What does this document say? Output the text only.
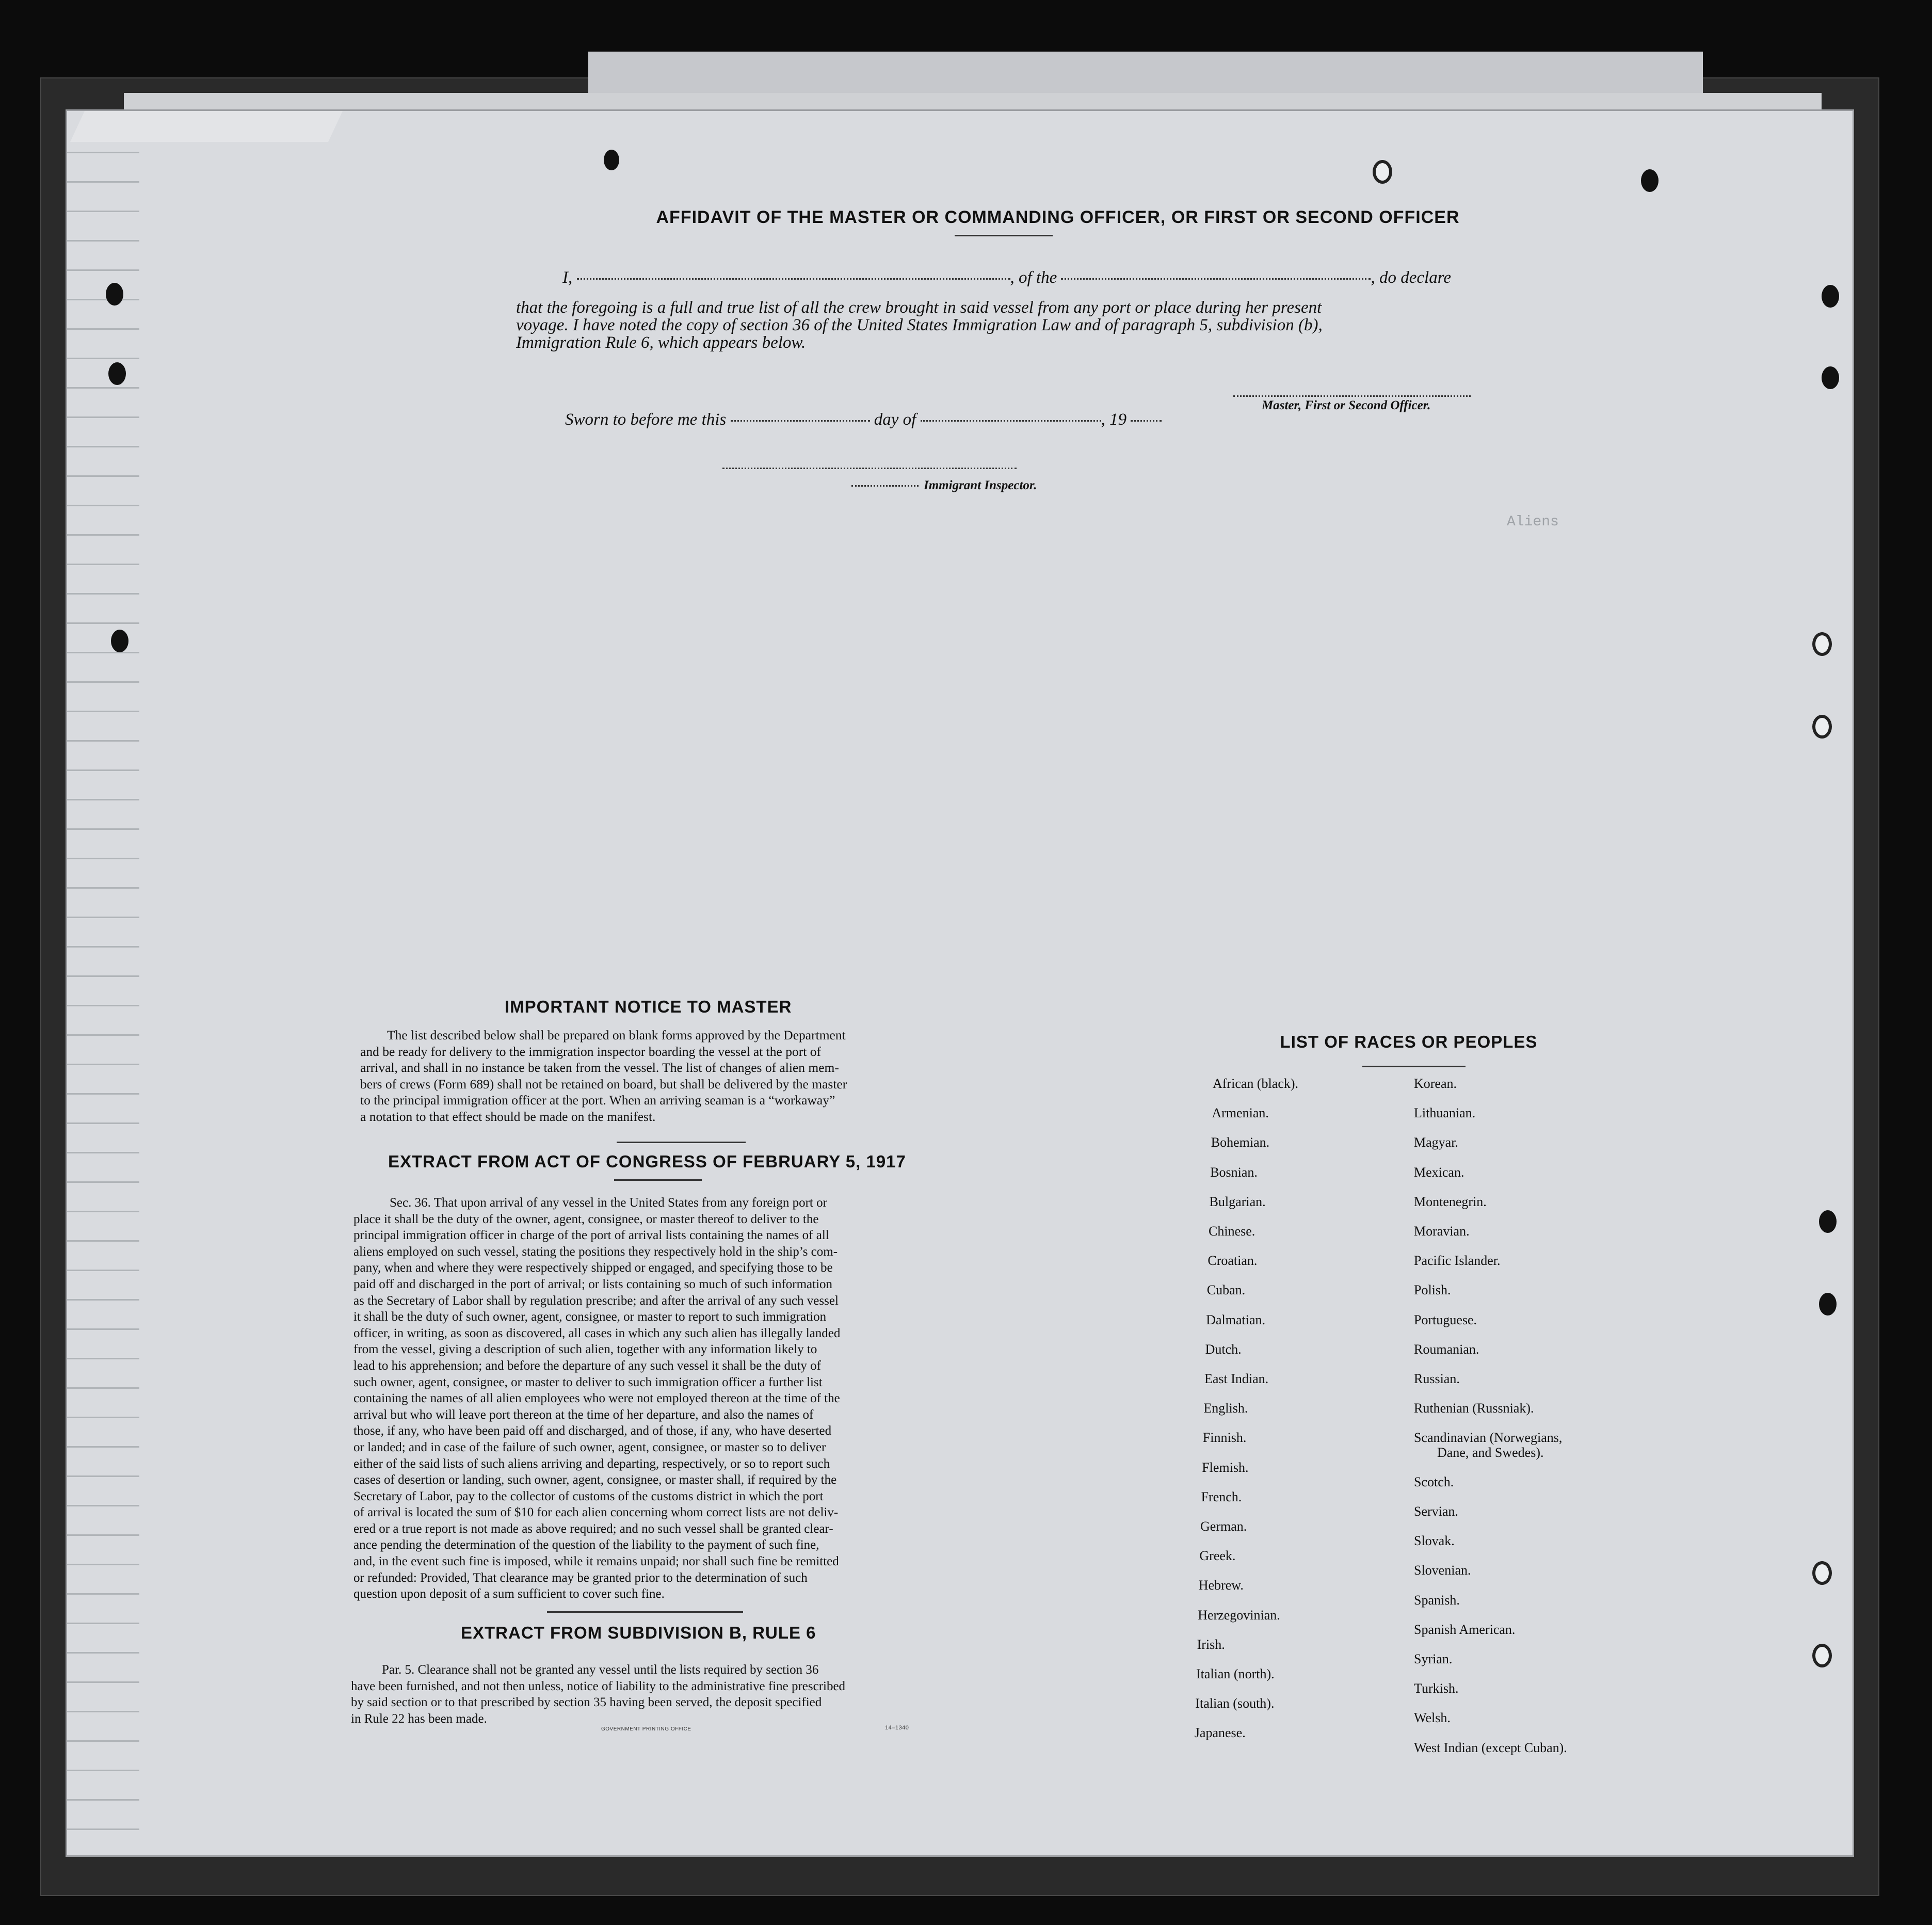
AFFIDAVIT OF THE MASTER OR COMMANDING OFFICER, OR FIRST OR SECOND OFFICER
I,	, of the	, do declare
that the foregoing is a full and true list of all the crew brought in said vessel from any port or place during her present
voyage. I have noted the copy of section 36 of the United States Immigration Law and of paragraph 5, subdivision (b),
Immigration Rule 6, which appears below.
Master, First or Second Officer.
Sworn to before me this	day of	, 19
Immigrant Inspector.
Aliens
IMPORTANT NOTICE TO MASTER
The list described below shall be prepared on blank forms approved by the Department
and be ready for delivery to the immigration inspector boarding the vessel at the port of
arrival, and shall in no instance be taken from the vessel. The list of changes of alien mem-
bers of crews (Form 689) shall not be retained on board, but shall be delivered by the master
to the principal immigration officer at the port. When an arriving seaman is a “workaway”
a notation to that effect should be made on the manifest.
EXTRACT FROM ACT OF CONGRESS OF FEBRUARY 5, 1917
Sec. 36. That upon arrival of any vessel in the United States from any foreign port or
place it shall be the duty of the owner, agent, consignee, or master thereof to deliver to the
principal immigration officer in charge of the port of arrival lists containing the names of all
aliens employed on such vessel, stating the positions they respectively hold in the ship’s com-
pany, when and where they were respectively shipped or engaged, and specifying those to be
paid off and discharged in the port of arrival; or lists containing so much of such information
as the Secretary of Labor shall by regulation prescribe; and after the arrival of any such vessel
it shall be the duty of such owner, agent, consignee, or master to report to such immigration
officer, in writing, as soon as discovered, all cases in which any such alien has illegally landed
from the vessel, giving a description of such alien, together with any information likely to
lead to his apprehension; and before the departure of any such vessel it shall be the duty of
such owner, agent, consignee, or master to deliver to such immigration officer a further list
containing the names of all alien employees who were not employed thereon at the time of the
arrival but who will leave port thereon at the time of her departure, and also the names of
those, if any, who have been paid off and discharged, and of those, if any, who have deserted
or landed; and in case of the failure of such owner, agent, consignee, or master so to deliver
either of the said lists of such aliens arriving and departing, respectively, or so to report such
cases of desertion or landing, such owner, agent, consignee, or master shall, if required by the
Secretary of Labor, pay to the collector of customs of the customs district in which the port
of arrival is located the sum of $10 for each alien concerning whom correct lists are not deliv-
ered or a true report is not made as above required; and no such vessel shall be granted clear-
ance pending the determination of the question of the liability to the payment of such fine,
and, in the event such fine is imposed, while it remains unpaid; nor shall such fine be remitted
or refunded: Provided, That clearance may be granted prior to the determination of such
question upon deposit of a sum sufficient to cover such fine.
EXTRACT FROM SUBDIVISION B, RULE 6
Par. 5. Clearance shall not be granted any vessel until the lists required by section 36
have been furnished, and not then unless, notice of liability to the administrative fine prescribed
by said section or to that prescribed by section 35 having been served, the deposit specified
in Rule 22 has been made.
GOVERNMENT PRINTING OFFICE	14–1340
LIST OF RACES OR PEOPLES
African (black).
Armenian.
Bohemian.
Bosnian.
Bulgarian.
Chinese.
Croatian.
Cuban.
Dalmatian.
Dutch.
East Indian.
English.
Finnish.
Flemish.
French.
German.
Greek.
Hebrew.
Herzegovinian.
Irish.
Italian (north).
Italian (south).
Japanese.
Korean.
Lithuanian.
Magyar.
Mexican.
Montenegrin.
Moravian.
Pacific Islander.
Polish.
Portuguese.
Roumanian.
Russian.
Ruthenian (Russniak).
Scandinavian (Norwegians,
Dane, and Swedes).
Scotch.
Servian.
Slovak.
Slovenian.
Spanish.
Spanish American.
Syrian.
Turkish.
Welsh.
West Indian (except Cuban).
